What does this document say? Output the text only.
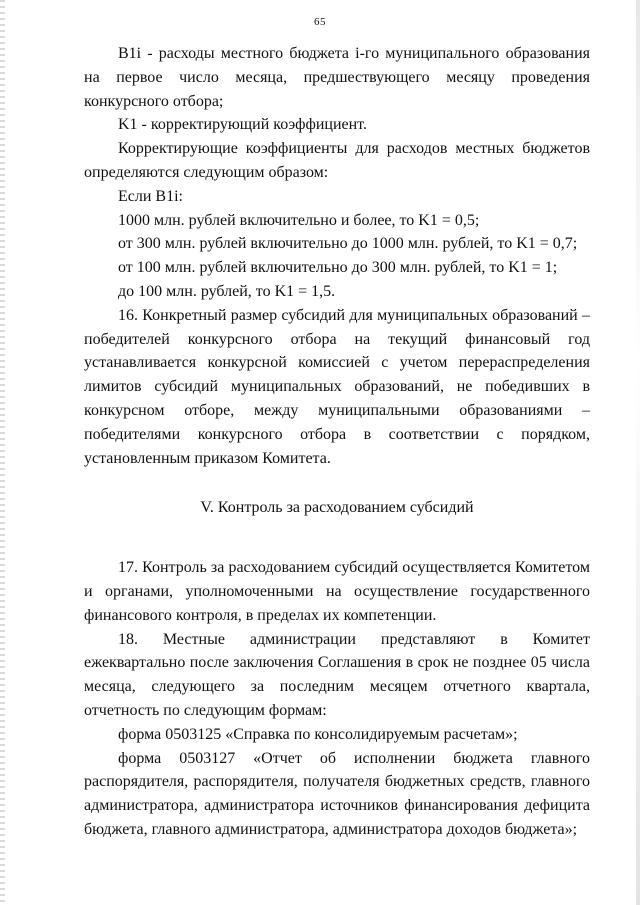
65

B1i - расходы местного бюджета i-го муниципального образования на первое число месяца, предшествующего месяцу проведения конкурсного отбора;

K1 - корректирующий коэффициент.

Корректирующие коэффициенты для расходов местных бюджетов определяются следующим образом:

Если B1i:

1000 млн. рублей включительно и более, то K1 = 0,5;

от 300 млн. рублей включительно до 1000 млн. рублей, то K1 = 0,7;

от 100 млн. рублей включительно до 300 млн. рублей, то K1 = 1;

до 100 млн. рублей, то K1 = 1,5.

16. Конкретный размер субсидий для муниципальных образований – победителей конкурсного отбора на текущий финансовый год устанавливается конкурсной комиссией с учетом перераспределения лимитов субсидий муниципальных образований, не победивших в конкурсном отборе, между муниципальными образованиями – победителями конкурсного отбора в соответствии с порядком, установленным приказом Комитета.

V. Контроль за расходованием субсидий

17. Контроль за расходованием субсидий осуществляется Комитетом и органами, уполномоченными на осуществление государственного финансового контроля, в пределах их компетенции.

18. Местные администрации представляют в Комитет ежеквартально после заключения Соглашения в срок не позднее 05 числа месяца, следующего за последним месяцем отчетного квартала, отчетность по следующим формам:

форма 0503125 «Справка по консолидируемым расчетам»;

форма 0503127 «Отчет об исполнении бюджета главного распорядителя, распорядителя, получателя бюджетных средств, главного администратора, администратора источников финансирования дефицита бюджета, главного администратора, администратора доходов бюджета»;
